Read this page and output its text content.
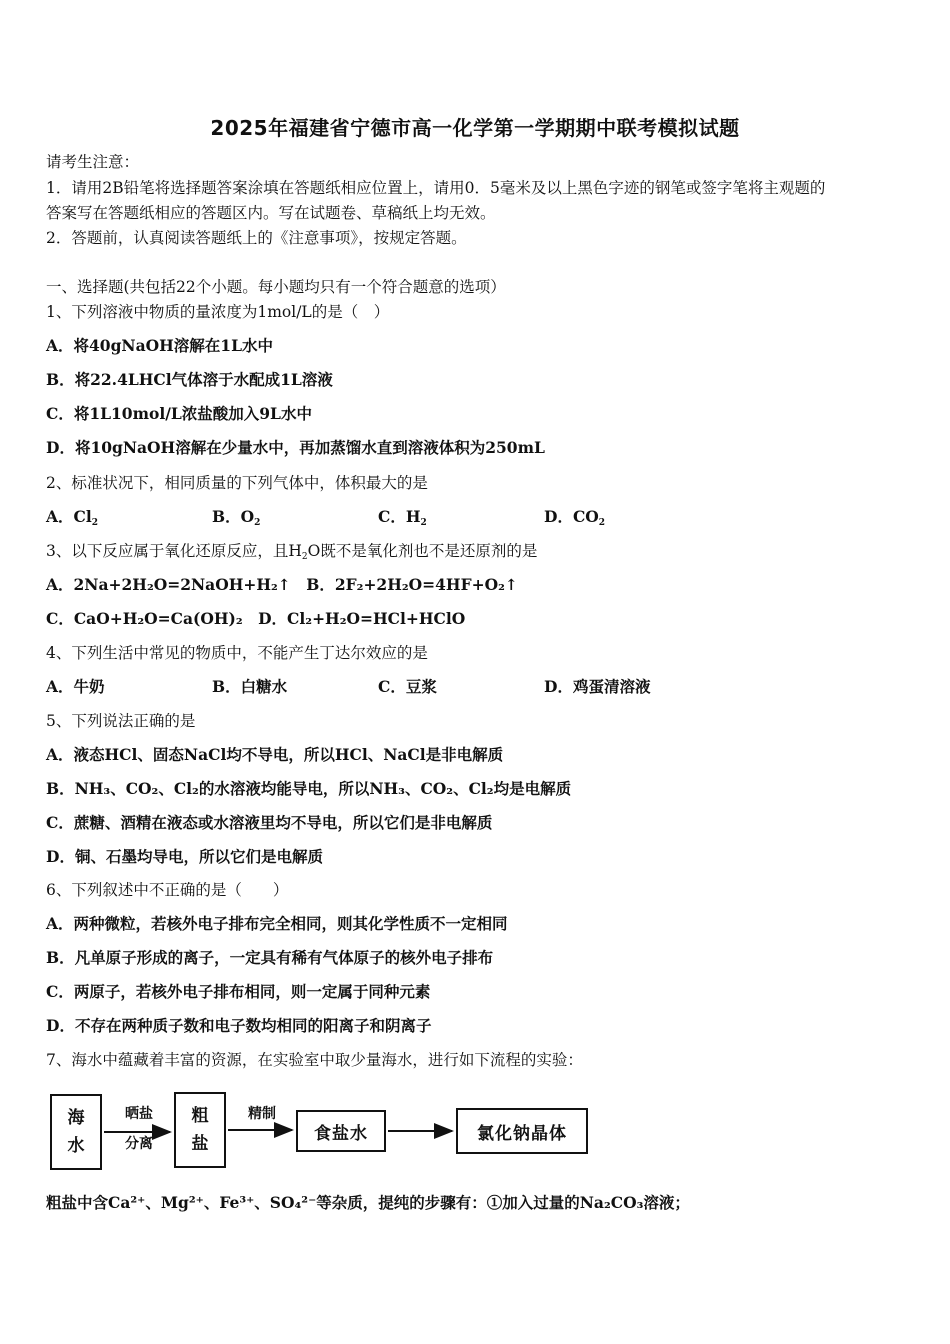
2025年福建省宁德市高一化学第一学期期中联考模拟试题
请考生注意：
1．请用2B铅笔将选择题答案涂填在答题纸相应位置上，请用0．5毫米及以上黑色字迹的钢笔或签字笔将主观题的
答案写在答题纸相应的答题区内。写在试题卷、草稿纸上均无效。
2．答题前，认真阅读答题纸上的《注意事项》，按规定答题。
一、选择题(共包括22个小题。每小题均只有一个符合题意的选项）
1、下列溶液中物质的量浓度为1mol/L的是（　）
A．将40gNaOH溶解在1L水中
B．将22.4LHCl气体溶于水配成1L溶液
C．将1L10mol/L浓盐酸加入9L水中
D．将10gNaOH溶解在少量水中，再加蒸馏水直到溶液体积为250mL
2、标准状况下，相同质量的下列气体中，体积最大的是
A．$Cl_2$	B．$O_2$	C．$H_2$	D．$CO_2$
3、以下反应属于氧化还原反应，且$H_2O$既不是氧化剂也不是还原剂的是
A．2Na+2H₂O=2NaOH+H₂↑　B．2F₂+2H₂O=4HF+O₂↑
C．CaO+H₂O=Ca(OH)₂　D．Cl₂+H₂O=HCl+HClO
4、下列生活中常见的物质中，不能产生丁达尔效应的是
A．牛奶	B．白糖水	C．豆浆	D．鸡蛋清溶液
5、下列说法正确的是
A．液态HCl、固态NaCl均不导电，所以HCl、NaCl是非电解质
B．NH₃、CO₂、Cl₂的水溶液均能导电，所以NH₃、CO₂、Cl₂均是电解质
C．蔗糖、酒精在液态或水溶液里均不导电，所以它们是非电解质
D．铜、石墨均导电，所以它们是电解质
6、下列叙述中不正确的是（　　）
A．两种微粒，若核外电子排布完全相同，则其化学性质不一定相同
B．凡单原子形成的离子，一定具有稀有气体原子的核外电子排布
C．两原子，若核外电子排布相同，则一定属于同种元素
D．不存在两种质子数和电子数均相同的阳离子和阴离子
7、海水中蕴藏着丰富的资源，在实验室中取少量海水，进行如下流程的实验：
海
水
晒盐
分离
粗
盐
精制
食盐水	氯化钠晶体
粗盐中含Ca²⁺、Mg²⁺、Fe³⁺、SO₄²⁻等杂质，提纯的步骤有：①加入过量的Na₂CO₃溶液；
